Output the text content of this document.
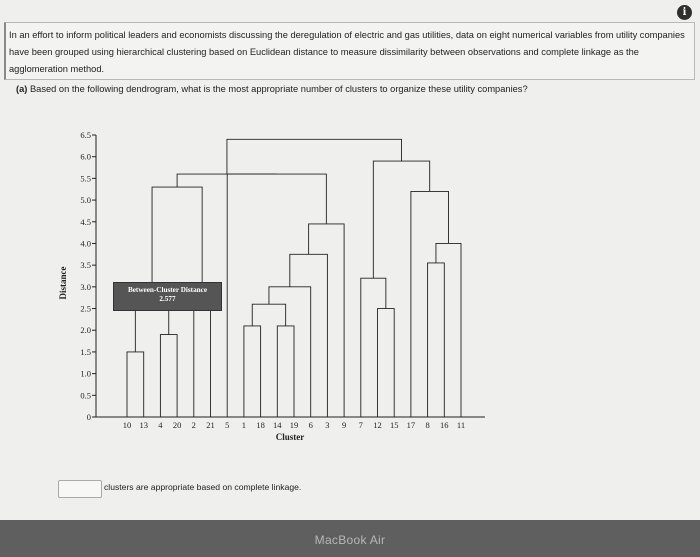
i
In an effort to inform political leaders and economists discussing the deregulation of electric and gas utilities, data on eight numerical variables from utility companies have been grouped using hierarchical clustering based on Euclidean distance to measure dissimilarity between observations and complete linkage as the agglomeration method.
(a) Based on the following dendrogram, what is the most appropriate number of clusters to organize these utility companies?
0
0.5
1.0
1.5
2.0
2.5
3.0
3.5
4.0
4.5
5.0
5.5
6.0
6.5
10 13 4 20 2 21 5 1 18 14 19 6 3 9 7 12 15 17 8 16 11
Distance
Cluster
Between-Cluster Distance
2.577
clusters are appropriate based on complete linkage.
MacBook Air
